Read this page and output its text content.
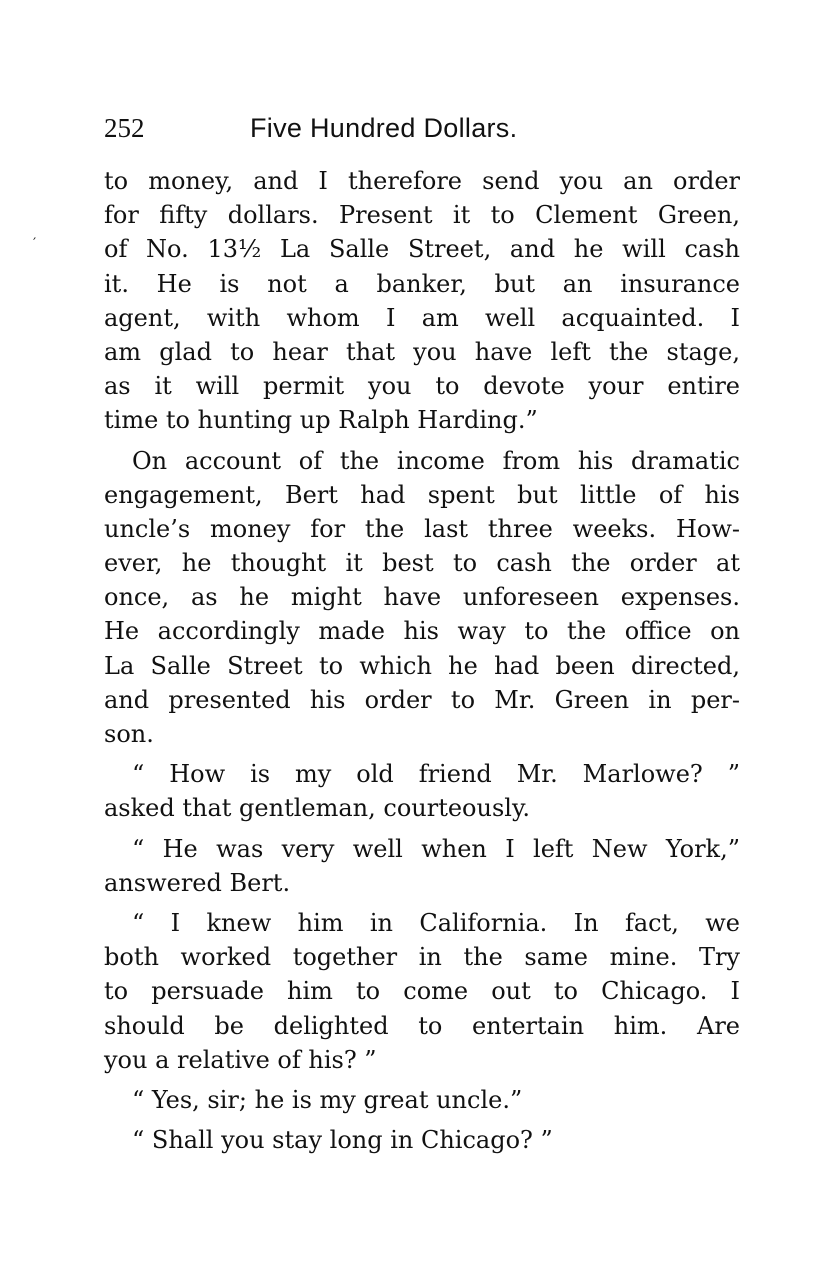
252	Five Hundred Dollars.
′

to money, and I therefore send you an order
for fifty dollars. Present it to Clement Green,
of No. 13½ La Salle Street, and he will cash
it. He is not a banker, but an insurance
agent, with whom I am well acquainted. I
am glad to hear that you have left the stage,
as it will permit you to devote your entire
time to hunting up Ralph Harding.”

On account of the income from his dramatic
engagement, Bert had spent but little of his
uncle’s money for the last three weeks. How-
ever, he thought it best to cash the order at
once, as he might have unforeseen expenses.
He accordingly made his way to the office on
La Salle Street to which he had been directed,
and presented his order to Mr. Green in per-
son.

“ How is my old friend Mr. Marlowe? ”
asked that gentleman, courteously.

“ He was very well when I left New York,”
answered Bert.

“ I knew him in California. In fact, we
both worked together in the same mine. Try
to persuade him to come out to Chicago. I
should be delighted to entertain him. Are
you a relative of his? ”

“ Yes, sir; he is my great uncle.”

“ Shall you stay long in Chicago? ”
